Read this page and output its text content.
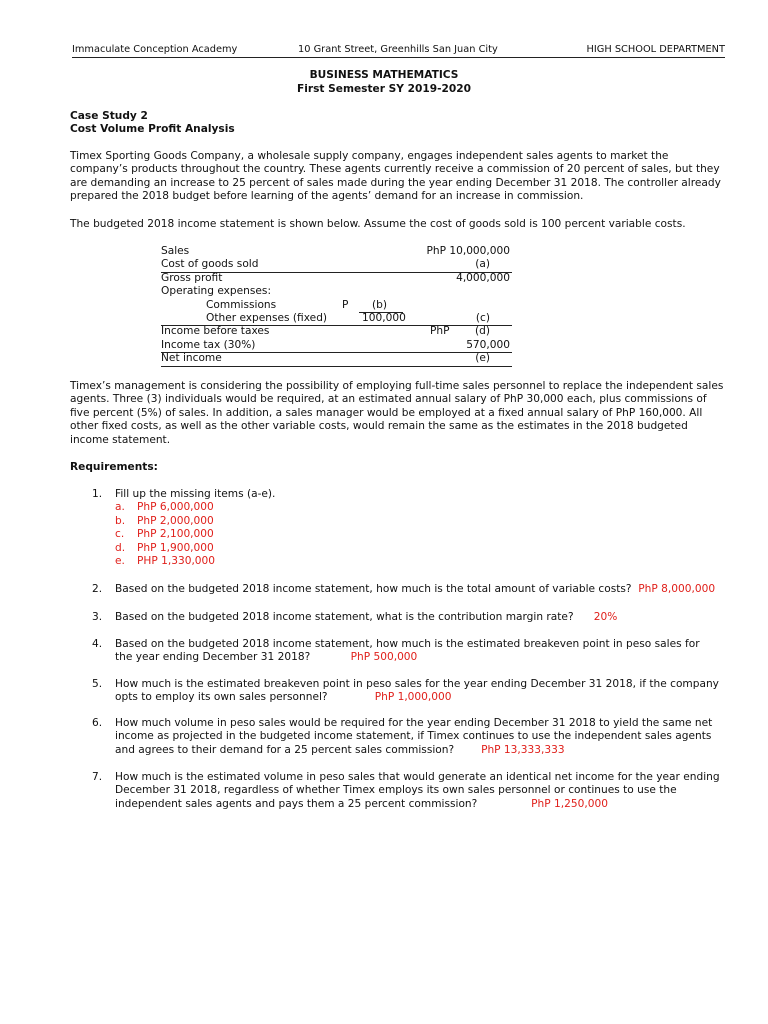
Immaculate Conception Academy	10 Grant Street, Greenhills San Juan City	HIGH SCHOOL DEPARTMENT
BUSINESS MATHEMATICS
First Semester SY 2019-2020
Case Study 2
Cost Volume Profit Analysis

Timex Sporting Goods Company, a wholesale supply company, engages independent sales agents to market the company’s products throughout the country. These agents currently receive a commission of 20 percent of sales, but they are demanding an increase to 25 percent of sales made during the year ending December 31 2018. The controller already prepared the 2018 budget before learning of the agents’ demand for an increase in commission.

The budgeted 2018 income statement is shown below. Assume the cost of goods sold is 100 percent variable costs.

Sales	PhP 10,000,000
Cost of goods sold	(a)
Gross profit	4,000,000
Operating expenses:
Commissions	P (b)
Other expenses (fixed)	100,000	(c)
Income before taxes	PhP (d)
Income tax (30%)	570,000
Net income	(e)

Timex’s management is considering the possibility of employing full-time sales personnel to replace the independent sales agents. Three (3) individuals would be required, at an estimated annual salary of PhP 30,000 each, plus commissions of five percent (5%) of sales. In addition, a sales manager would be employed at a fixed annual salary of PhP 160,000. All other fixed costs, as well as the other variable costs, would remain the same as the estimates in the 2018 budgeted income statement.

Requirements:
1. Fill up the missing items (a-e).

a. PhP 6,000,000
b. PhP 2,000,000
c. PhP 2,100,000
d. PhP 1,900,000
e. PHP 1,330,000
2. Based on the budgeted 2018 income statement, how much is the total amount of variable costs? PhP 8,000,000

3. Based on the budgeted 2018 income statement, what is the contribution margin rate? 20%

4. Based on the budgeted 2018 income statement, how much is the estimated breakeven point in peso sales for the year ending December 31 2018?	PhP 500,000

5. How much is the estimated breakeven point in peso sales for the year ending December 31 2018, if the company opts to employ its own sales personnel?	PhP 1,000,000

6. How much volume in peso sales would be required for the year ending December 31 2018 to yield the same net income as projected in the budgeted income statement, if Timex continues to use the independent sales agents and agrees to their demand for a 25 percent sales commission?	PhP 13,333,333

7. How much is the estimated volume in peso sales that would generate an identical net income for the year ending December 31 2018, regardless of whether Timex employs its own sales personnel or continues to use the independent sales agents and pays them a 25 percent commission?	PhP 1,250,000
